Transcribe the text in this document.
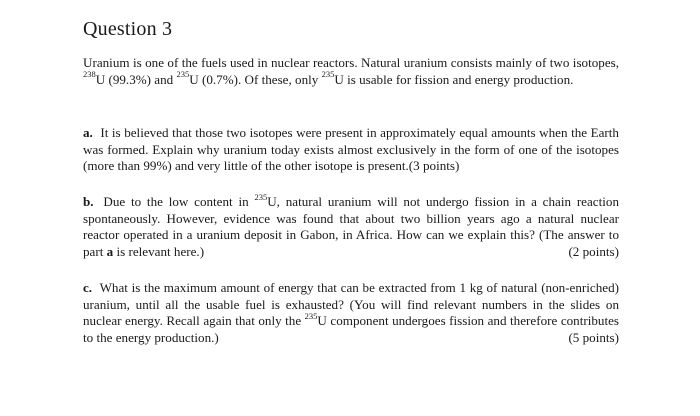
Question 3
Uranium is one of the fuels used in nuclear reactors. Natural uranium consists mainly of two isotopes, $^{238}$U (99.3%) and $^{235}$U (0.7%). Of these, only $^{235}$U is usable for fission and energy production.
a. It is believed that those two isotopes were present in approximately equal amounts when the Earth was formed. Explain why uranium today exists almost exclusively in the form of one of the isotopes (more than 99%) and very little of the other isotope is present.(3 points)
b. Due to the low content in $^{235}$U, natural uranium will not undergo fission in a chain reaction spontaneously. However, evidence was found that about two billion years ago a natural nuclear reactor operated in a uranium deposit in Gabon, in Africa. How can we explain this? (The answer to part a is relevant here.)	(2 points)
c. What is the maximum amount of energy that can be extracted from 1 kg of natural (non-enriched) uranium, until all the usable fuel is exhausted? (You will find relevant numbers in the slides on nuclear energy. Recall again that only the $^{235}$U component undergoes fission and therefore contributes to the energy production.)	(5 points)
